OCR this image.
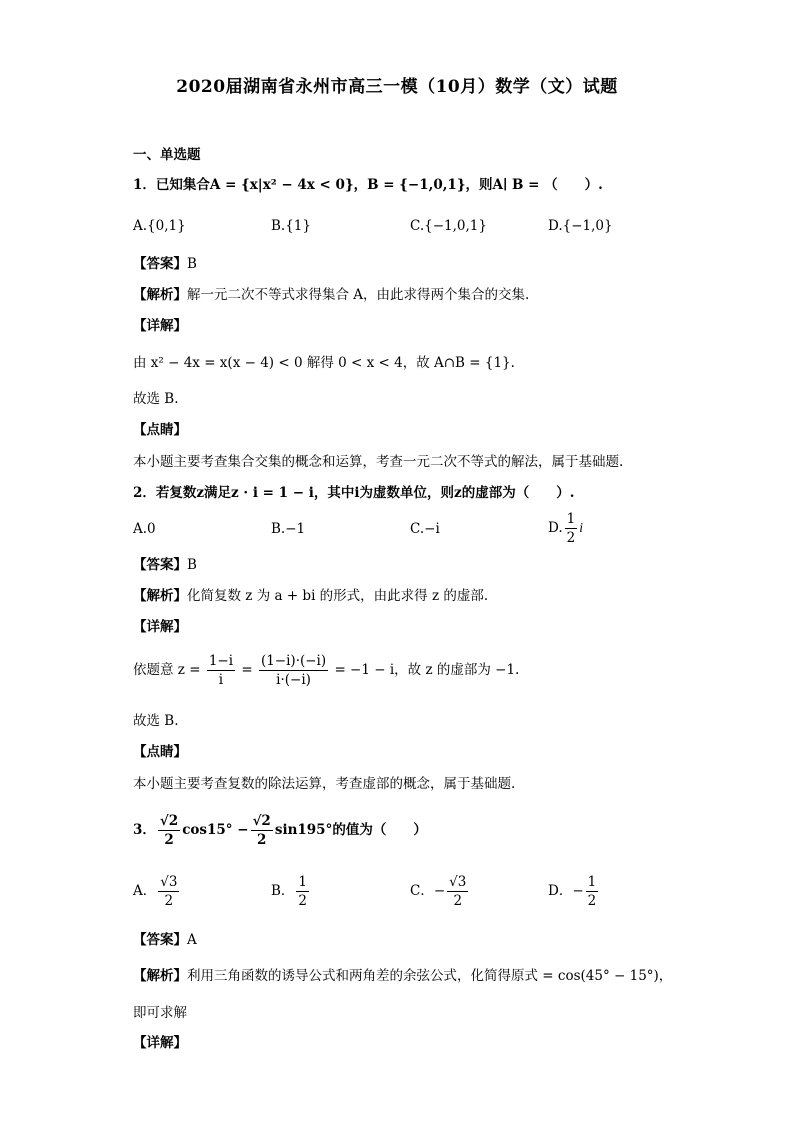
2020届湖南省永州市高三一模（10月）数学（文）试题
一、单选题
1．已知集合A = {x|x² − 4x < 0}，B = {−1,0,1}，则A∣ B = （　　）.
A.{0,1}	B.{1}	C.{−1,0,1}	D.{−1,0}
【答案】B
【解析】解一元二次不等式求得集合 A，由此求得两个集合的交集.
【详解】
由 x² − 4x = x(x − 4) < 0 解得 0 < x < 4，故 A∩B = {1}.
故选 B.
【点睛】
本小题主要考查集合交集的概念和运算，考查一元二次不等式的解法，属于基础题.
2．若复数z满足z · i = 1 − i，其中i为虚数单位，则z的虚部为（　　）.
A.0	B.−1	C.−i	D. $\frac{1}{2}$ i
【答案】B
【解析】化简复数 z 为 a + bi 的形式，由此求得 z 的虚部.
【详解】
依题意 $z = \frac{1-i}{i} = \frac{(1-i)\cdot(-i)}{i\cdot(-i)} = -1 - i$，故 z 的虚部为 −1.
故选 B.
【点睛】
本小题主要考查复数的除法运算，考查虚部的概念，属于基础题.
3． $\frac{√2}{2} \cos 15^\circ - \frac{√2}{2} \sin 195^\circ$的值为（　　）
A． $\frac{√3}{2}$	B． $\frac{1}{2}$	C．− $\frac{√3}{2}$	D．− $\frac{1}{2}$
【答案】A
【解析】利用三角函数的诱导公式和两角差的余弦公式，化简得原式 = cos(45° − 15°)，
即可求解
【详解】
